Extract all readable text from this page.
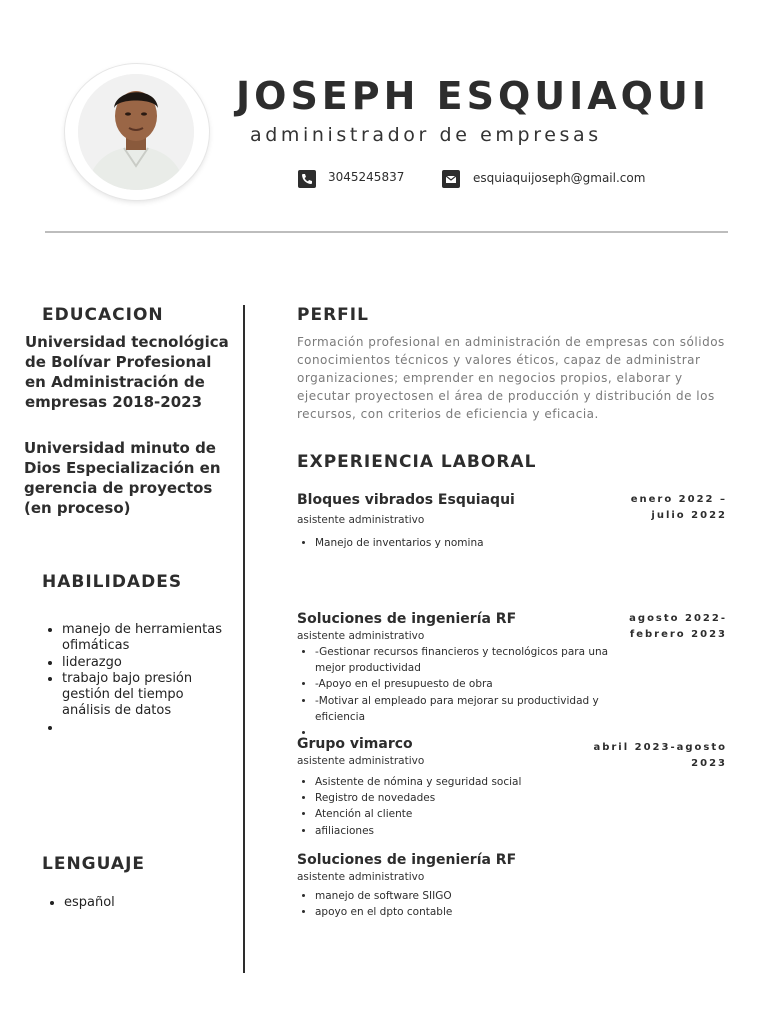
JOSEPH ESQUIAQUI
administrador de empresas
3045245837	esquiaquijoseph@gmail.com
EDUCACION
Universidad tecnológica de Bolívar Profesional en Administración de empresas 2018-2023
Universidad minuto de Dios Especialización en gerencia de proyectos (en proceso)
HABILIDADES
• manejo de herramientas ofimáticas
• liderazgo
• trabajo bajo presión gestión del tiempo análisis de datos
•
LENGUAJE
• español
PERFIL
Formación profesional en administración de empresas con sólidos conocimientos técnicos y valores éticos, capaz de administrar organizaciones; emprender en negocios propios, elaborar y ejecutar proyectosen el área de producción y distribución de los recursos, con criterios de eficiencia y eficacia.
EXPERIENCIA LABORAL
Bloques vibrados Esquiaqui
asistente administrativo
enero 2022 –
julio 2022
• Manejo de inventarios y nomina
Soluciones de ingeniería RF
asistente administrativo
agosto 2022-
febrero 2023
• -Gestionar recursos financieros y tecnológicos para una mejor productividad
• -Apoyo en el presupuesto de obra
• -Motivar al empleado para mejorar su productividad y eficiencia
•
Grupo vimarco
asistente administrativo
abril 2023-agosto
2023
• Asistente de nómina y seguridad social
• Registro de novedades
• Atención al cliente
• afiliaciones
Soluciones de ingeniería RF
asistente administrativo
• manejo de software SIIGO
• apoyo en el dpto contable
